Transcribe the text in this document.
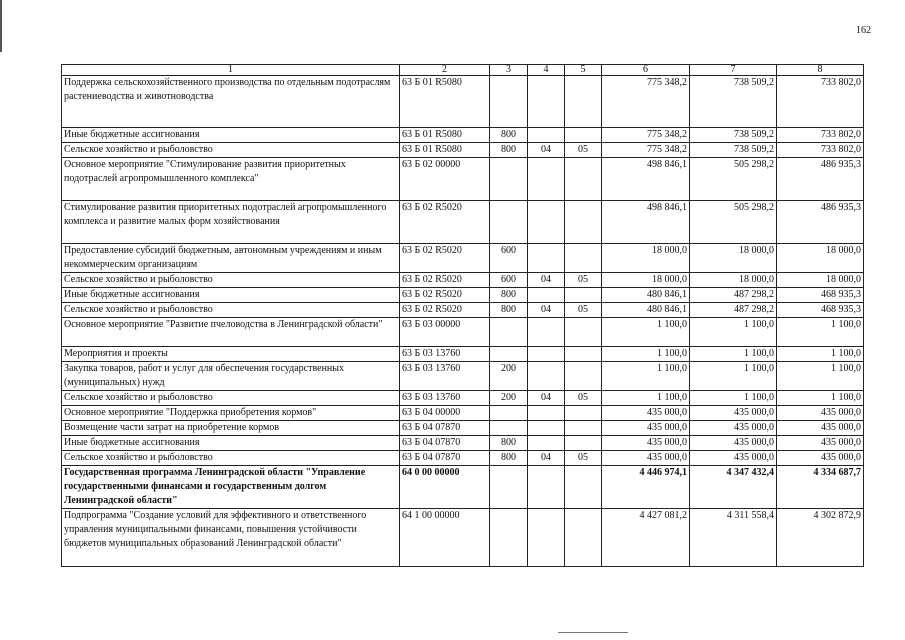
162
1	2	3	4	5	6	7	8
Поддержка сельскохозяйственного производства по отдельным подотраслям растениеводства и животноводства	63 Б 01 R5080				775 348,2	738 509,2	733 802,0
Иные бюджетные ассигнования	63 Б 01 R5080	800			775 348,2	738 509,2	733 802,0
Сельское хозяйство и рыболовство	63 Б 01 R5080	800	04	05	775 348,2	738 509,2	733 802,0
Основное мероприятие "Стимулирование развития приоритетных подотраслей агропромышленного комплекса"	63 Б 02 00000				498 846,1	505 298,2	486 935,3
Стимулирование развития приоритетных подотраслей агропромышленного комплекса и развитие малых форм хозяйствования	63 Б 02 R5020				498 846,1	505 298,2	486 935,3
Предоставление субсидий бюджетным, автономным учреждениям и иным некоммерческим организациям	63 Б 02 R5020	600			18 000,0	18 000,0	18 000,0
Сельское хозяйство и рыболовство	63 Б 02 R5020	600	04	05	18 000,0	18 000,0	18 000,0
Иные бюджетные ассигнования	63 Б 02 R5020	800			480 846,1	487 298,2	468 935,3
Сельское хозяйство и рыболовство	63 Б 02 R5020	800	04	05	480 846,1	487 298,2	468 935,3
Основное мероприятие "Развитие пчеловодства в Ленинградской области"	63 Б 03 00000				1 100,0	1 100,0	1 100,0
Мероприятия и проекты	63 Б 03 13760				1 100,0	1 100,0	1 100,0
Закупка товаров, работ и услуг для обеспечения государственных (муниципальных) нужд	63 Б 03 13760	200			1 100,0	1 100,0	1 100,0
Сельское хозяйство и рыболовство	63 Б 03 13760	200	04	05	1 100,0	1 100,0	1 100,0
Основное мероприятие "Поддержка приобретения кормов"	63 Б 04 00000				435 000,0	435 000,0	435 000,0
Возмещение части затрат на приобретение кормов	63 Б 04 07870				435 000,0	435 000,0	435 000,0
Иные бюджетные ассигнования	63 Б 04 07870	800			435 000,0	435 000,0	435 000,0
Сельское хозяйство и рыболовство	63 Б 04 07870	800	04	05	435 000,0	435 000,0	435 000,0
Государственная программа Ленинградской области "Управление государственными финансами и государственным долгом Ленинградской области"	64 0 00 00000				4 446 974,1	4 347 432,4	4 334 687,7
Подпрограмма "Создание условий для эффективного и ответственного управления муниципальными финансами, повышения устойчивости бюджетов муниципальных образований Ленинградской области"	64 1 00 00000				4 427 081,2	4 311 558,4	4 302 872,9
